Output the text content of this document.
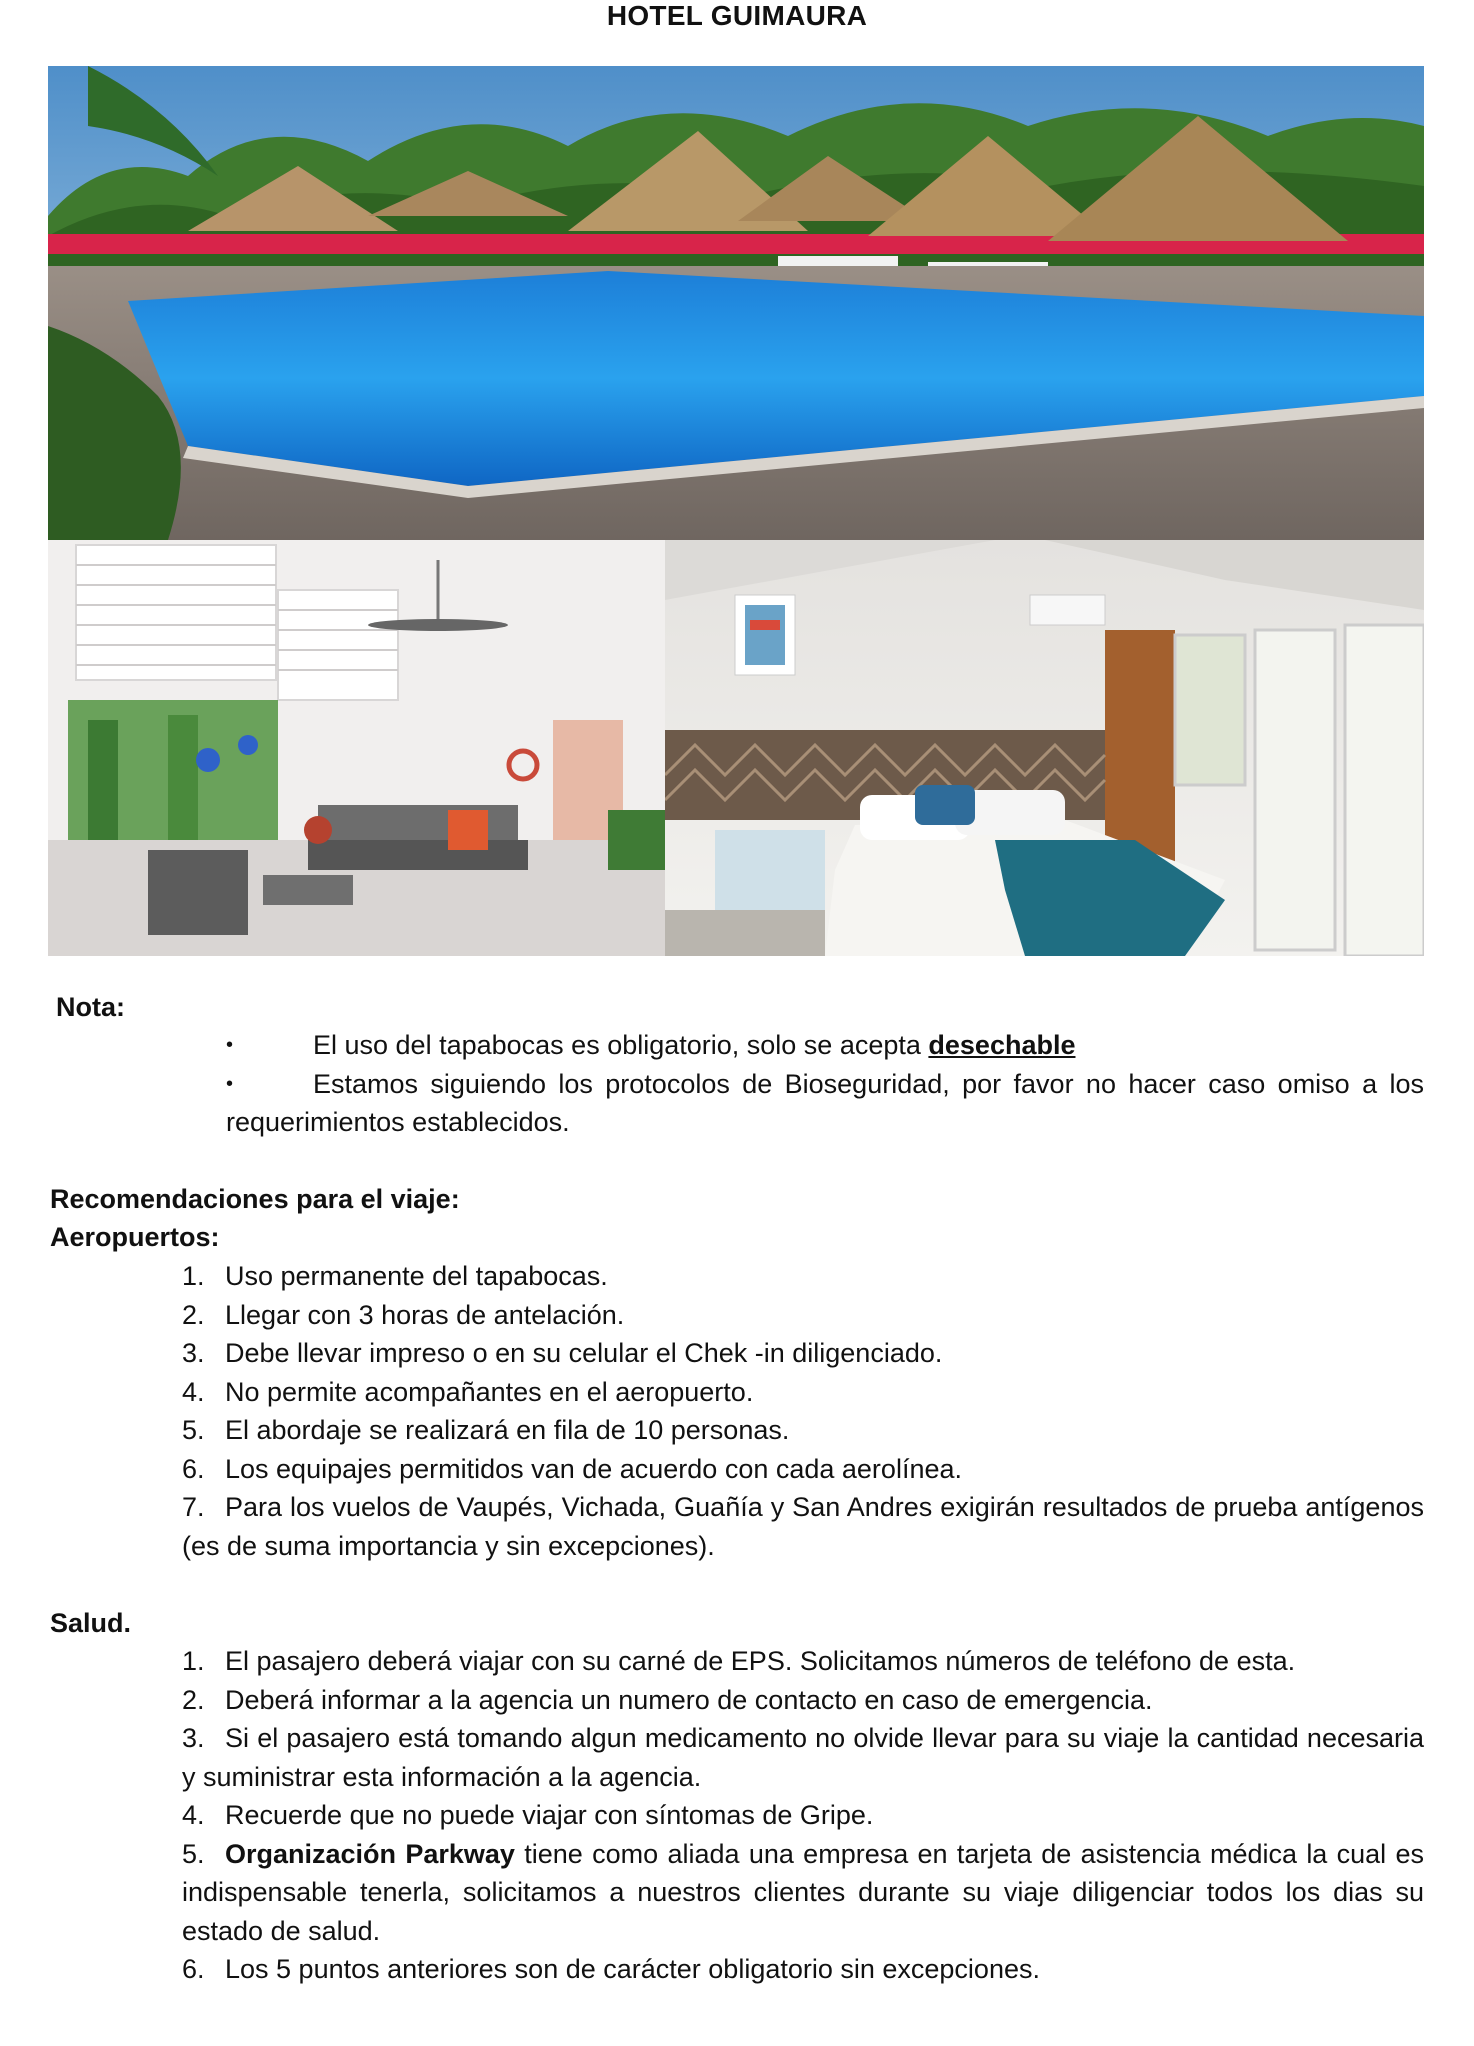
HOTEL GUIMAURA
Nota:
• El uso del tapabocas es obligatorio, solo se acepta desechable
• Estamos siguiendo los protocolos de Bioseguridad, por favor no hacer caso omiso a los requerimientos establecidos.
Recomendaciones para el viaje:
Aeropuertos:
1. Uso permanente del tapabocas.
2. Llegar con 3 horas de antelación.
3. Debe llevar impreso o en su celular el Chek -in diligenciado.
4. No permite acompañantes en el aeropuerto.
5. El abordaje se realizará en fila de 10 personas.
6. Los equipajes permitidos van de acuerdo con cada aerolínea.
7. Para los vuelos de Vaupés, Vichada, Guañía y San Andres exigirán resultados de prueba antígenos (es de suma importancia y sin excepciones).
Salud.
1. El pasajero deberá viajar con su carné de EPS. Solicitamos números de teléfono de esta.
2. Deberá informar a la agencia un numero de contacto en caso de emergencia.
3. Si el pasajero está tomando algun medicamento no olvide llevar para su viaje la cantidad necesaria y suministrar esta información a la agencia.
4. Recuerde que no puede viajar con síntomas de Gripe.
5. Organización Parkway tiene como aliada una empresa en tarjeta de asistencia médica la cual es indispensable tenerla, solicitamos a nuestros clientes durante su viaje diligenciar todos los dias su estado de salud.
6. Los 5 puntos anteriores son de carácter obligatorio sin excepciones.
